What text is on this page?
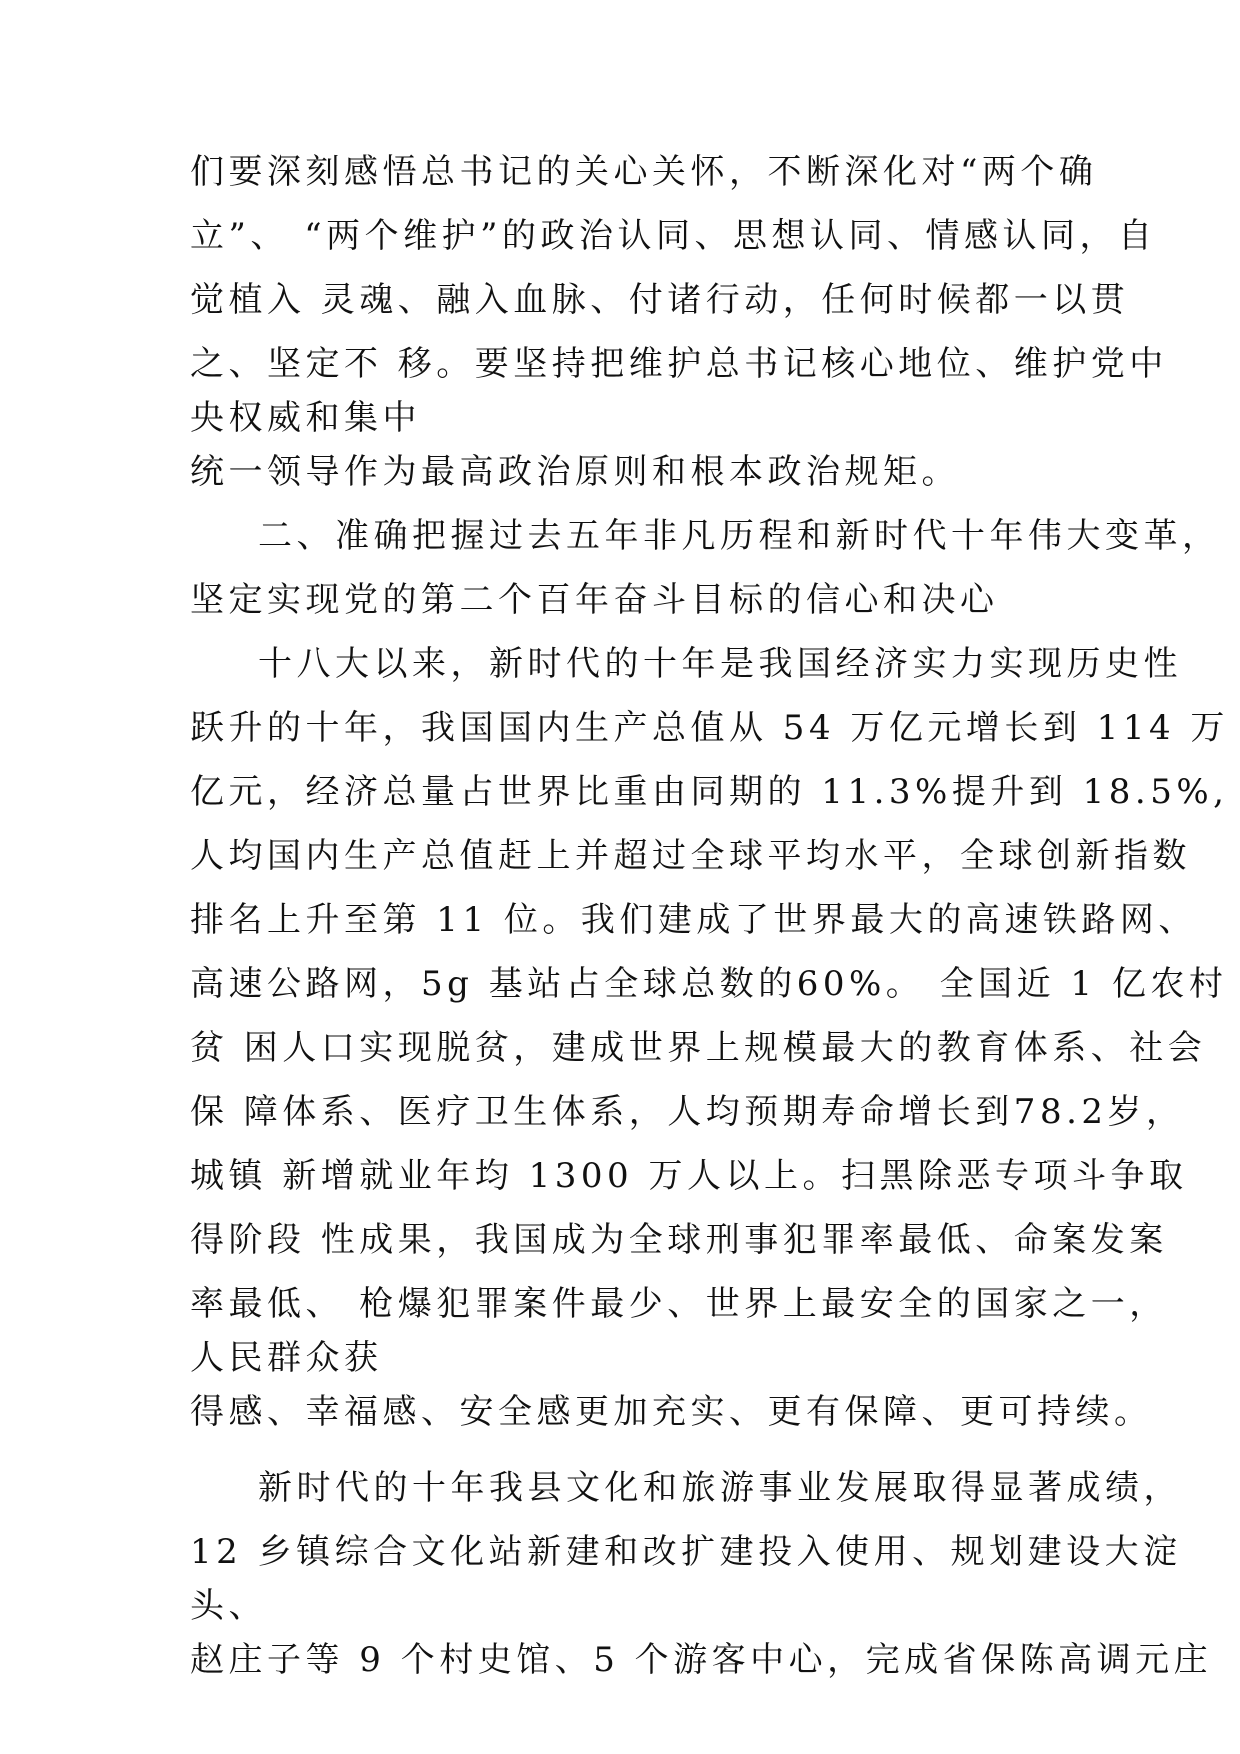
们要深刻感悟总书记的关心关怀，不断深化对“两个确
立”、 “两个维护”的政治认同、思想认同、情感认同，自
觉植入 灵魂、融入血脉、付诸行动，任何时候都一以贯
之、坚定不 移。要坚持把维护总书记核心地位、维护党中
央权威和集中
统一领导作为最高政治原则和根本政治规矩。
二、准确把握过去五年非凡历程和新时代十年伟大变革，
坚定实现党的第二个百年奋斗目标的信心和决心
十八大以来，新时代的十年是我国经济实力实现历史性
跃升的十年，我国国内生产总值从 54 万亿元增长到 114 万
亿元，经济总量占世界比重由同期的 11.3%提升到 18.5%,
人均国内生产总值赶上并超过全球平均水平，全球创新指数
排名上升至第 11 位。我们建成了世界最大的高速铁路网、
高速公路网，5g 基站占全球总数的60%。 全国近 1 亿农村
贫 困人口实现脱贫，建成世界上规模最大的教育体系、社会
保 障体系、医疗卫生体系，人均预期寿命增长到78.2岁，
城镇 新增就业年均 1300 万人以上。扫黑除恶专项斗争取
得阶段 性成果，我国成为全球刑事犯罪率最低、命案发案
率最低、 枪爆犯罪案件最少、世界上最安全的国家之一，
人民群众获
得感、幸福感、安全感更加充实、更有保障、更可持续。
新时代的十年我县文化和旅游事业发展取得显著成绩，
12 乡镇综合文化站新建和改扩建投入使用、规划建设大淀
头、
赵庄子等 9 个村史馆、5 个游客中心，完成省保陈高调元庄
